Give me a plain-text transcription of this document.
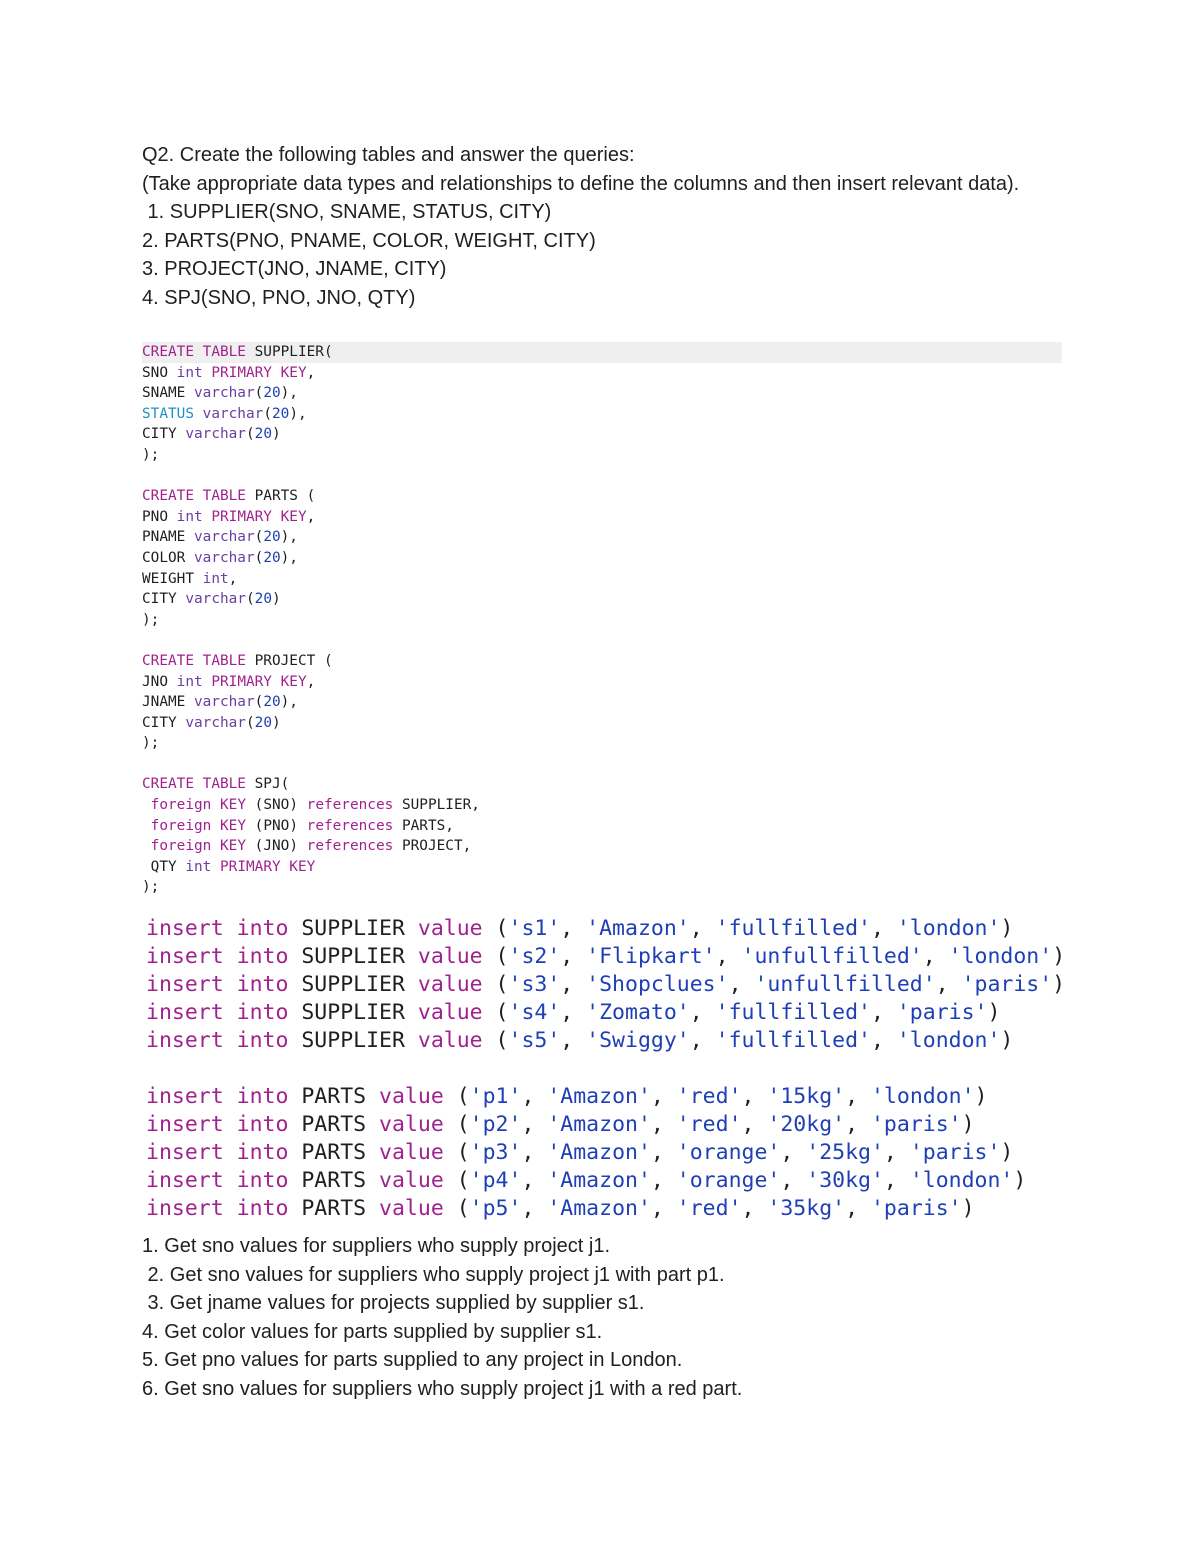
Q2. Create the following tables and answer the queries:
(Take appropriate data types and relationships to define the columns and then insert relevant data).
1. SUPPLIER(SNO, SNAME, STATUS, CITY)
2. PARTS(PNO, PNAME, COLOR, WEIGHT, CITY)
3. PROJECT(JNO, JNAME, CITY)
4. SPJ(SNO, PNO, JNO, QTY)
CREATE TABLE SUPPLIER(
SNO int PRIMARY KEY,
SNAME varchar(20),
STATUS varchar(20),
CITY varchar(20)
);
CREATE TABLE PARTS (
PNO int PRIMARY KEY,
PNAME varchar(20),
COLOR varchar(20),
WEIGHT int,
CITY varchar(20)
);
CREATE TABLE PROJECT (
JNO int PRIMARY KEY,
JNAME varchar(20),
CITY varchar(20)
);
CREATE TABLE SPJ(
foreign KEY (SNO) references SUPPLIER,
foreign KEY (PNO) references PARTS,
foreign KEY (JNO) references PROJECT,
QTY int PRIMARY KEY
);
insert into SUPPLIER value ('s1', 'Amazon', 'fullfilled', 'london')
insert into SUPPLIER value ('s2', 'Flipkart', 'unfullfilled', 'london')
insert into SUPPLIER value ('s3', 'Shopclues', 'unfullfilled', 'paris')
insert into SUPPLIER value ('s4', 'Zomato', 'fullfilled', 'paris')
insert into SUPPLIER value ('s5', 'Swiggy', 'fullfilled', 'london')
insert into PARTS value ('p1', 'Amazon', 'red', '15kg', 'london')
insert into PARTS value ('p2', 'Amazon', 'red', '20kg', 'paris')
insert into PARTS value ('p3', 'Amazon', 'orange', '25kg', 'paris')
insert into PARTS value ('p4', 'Amazon', 'orange', '30kg', 'london')
insert into PARTS value ('p5', 'Amazon', 'red', '35kg', 'paris')
1. Get sno values for suppliers who supply project j1.
2. Get sno values for suppliers who supply project j1 with part p1.
3. Get jname values for projects supplied by supplier s1.
4. Get color values for parts supplied by supplier s1.
5. Get pno values for parts supplied to any project in London.
6. Get sno values for suppliers who supply project j1 with a red part.
